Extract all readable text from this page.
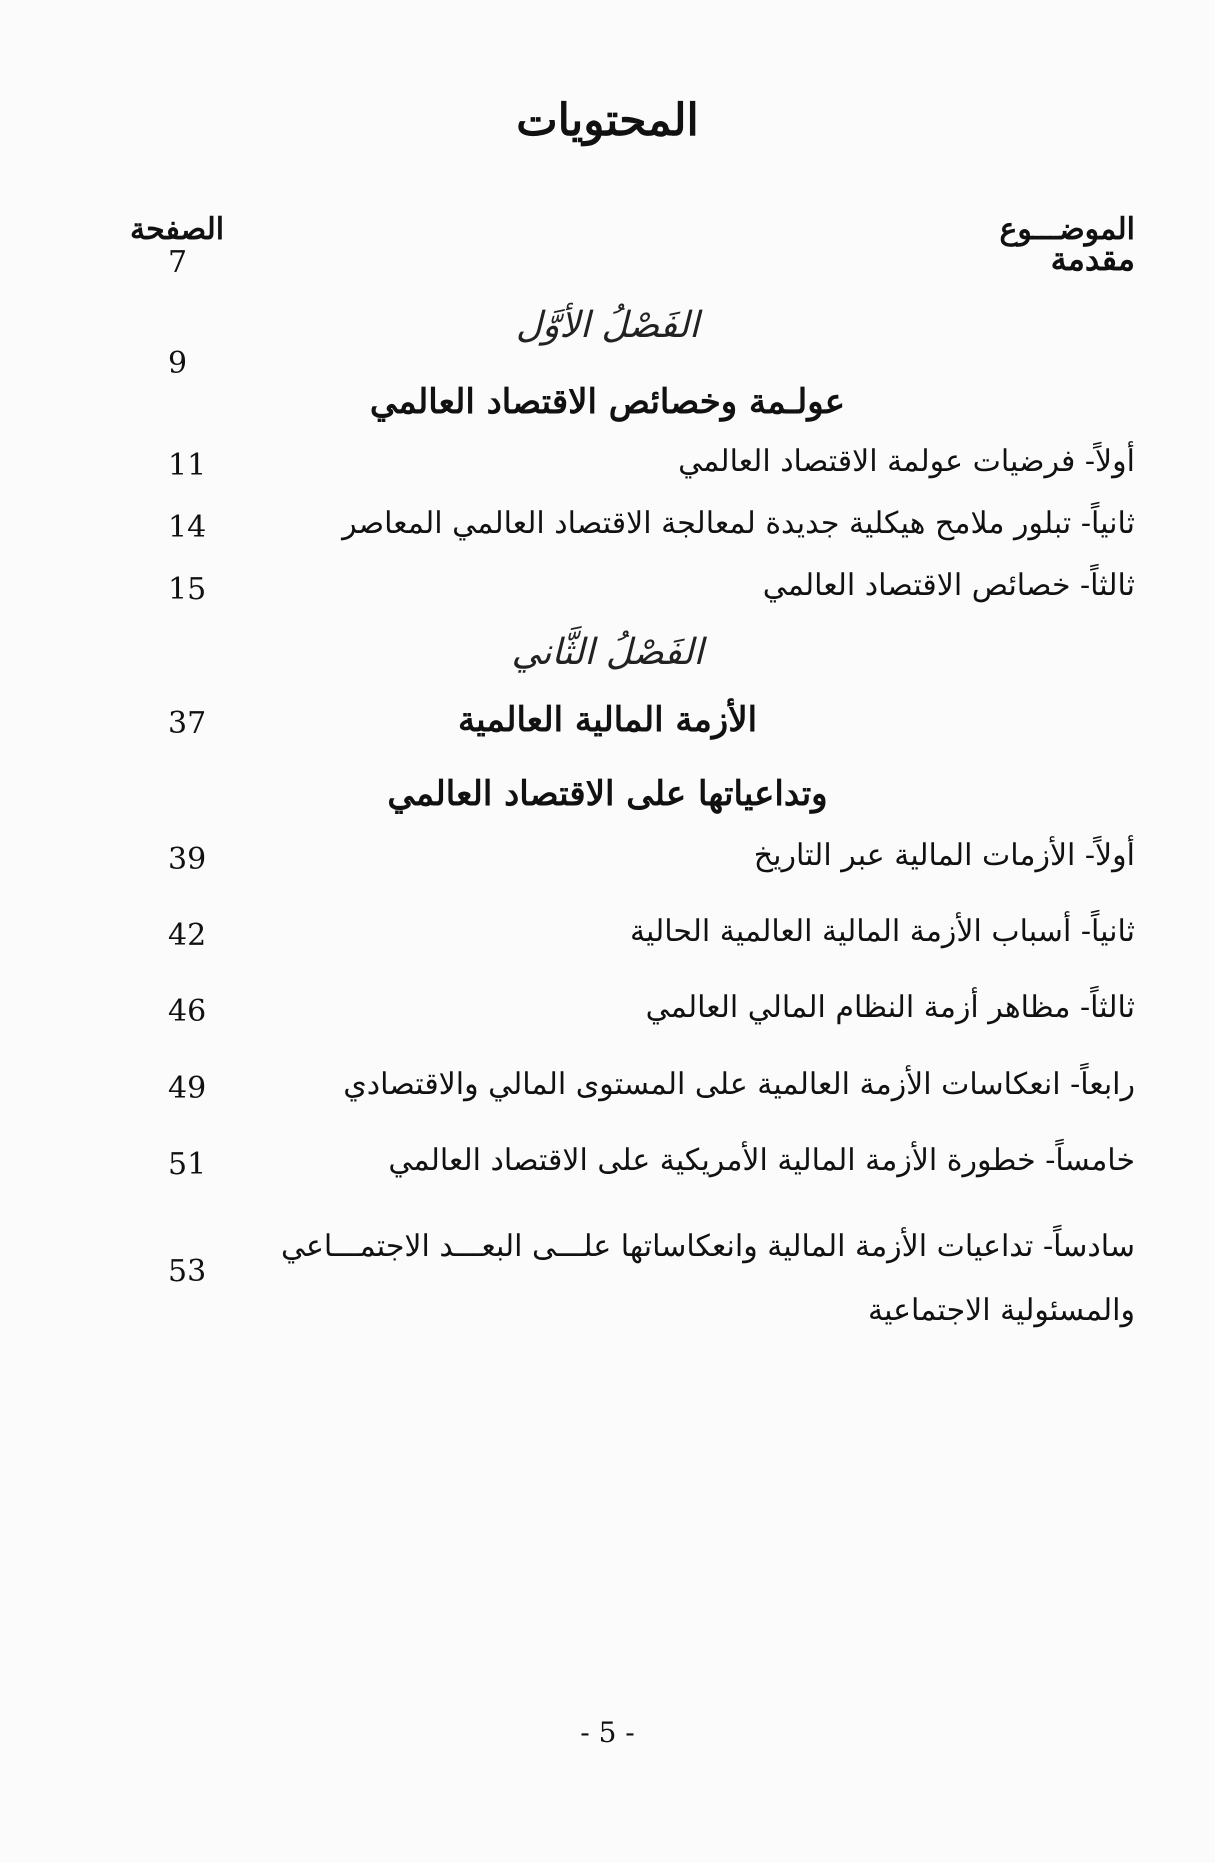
المحتويات
الموضـــوع
الصفحة
مقدمة
7
الفَصْلُ الأوَّل
9
عولـمة وخصائص الاقتصاد العالمي
أولاً- فرضيات عولمة الاقتصاد العالمي
11
ثانياً- تبلور ملامح هيكلية جديدة لمعالجة الاقتصاد العالمي المعاصر
14
ثالثاً- خصائص الاقتصاد العالمي
15
الفَصْلُ الثَّاني
الأزمة المالية العالمية
37
وتداعياتها على الاقتصاد العالمي
أولاً- الأزمات المالية عبر التاريخ
39
ثانياً- أسباب الأزمة المالية العالمية الحالية
42
ثالثاً- مظاهر أزمة النظام المالي العالمي
46
رابعاً- انعكاسات الأزمة العالمية على المستوى المالي والاقتصادي
49
خامساً- خطورة الأزمة المالية الأمريكية على الاقتصاد العالمي
51
سادساً- تداعيات الأزمة المالية وانعكاساتها علـــى البعـــد الاجتمـــاعي والمسئولية الاجتماعية
53
- 5 -
